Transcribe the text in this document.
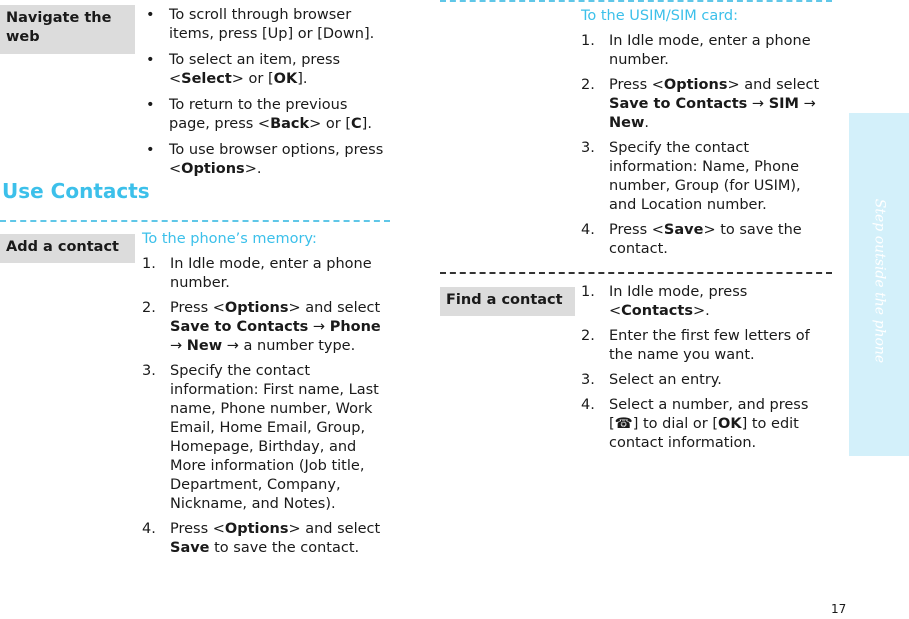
Navigate the web
• To scroll through browser items, press [Up] or [Down].
• To select an item, press <Select> or [OK].
• To return to the previous page, press <Back> or [C].
• To use browser options, press <Options>.
Use Contacts
Add a contact	To the phone’s memory:
1. In Idle mode, enter a phone number.
2. Press <Options> and select Save to Contacts → Phone → New → a number type.
3. Specify the contact information: First name, Last name, Phone number, Work Email, Home Email, Group, Homepage, Birthday, and More information (Job title, Department, Company, Nickname, and Notes).
4. Press <Options> and select Save to save the contact.
To the USIM/SIM card:
1. In Idle mode, enter a phone number.
2. Press <Options> and select Save to Contacts → SIM → New.
3. Specify the contact information: Name, Phone number, Group (for USIM), and Location number.
4. Press <Save> to save the contact.
Find a contact	1. In Idle mode, press <Contacts>.
2. Enter the first few letters of the name you want.
3. Select an entry.
4. Select a number, and press [☎] to dial or [OK] to edit contact information.
Step outside the phone
17
